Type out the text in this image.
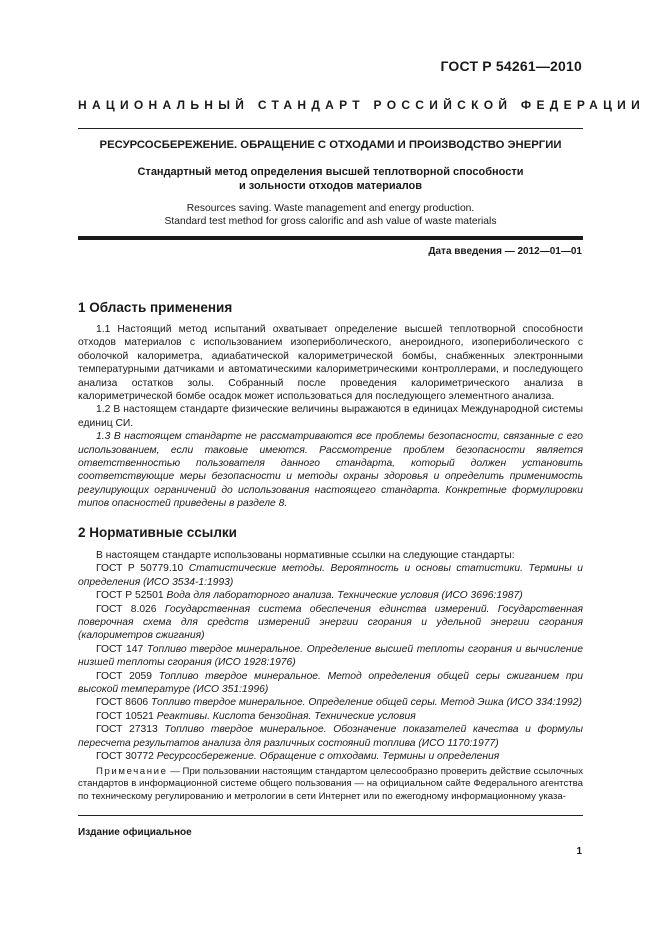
ГОСТ Р 54261—2010
НАЦИОНАЛЬНЫЙ СТАНДАРТ РОССИЙСКОЙ ФЕДЕРАЦИИ
РЕСУРСОСБЕРЕЖЕНИЕ. ОБРАЩЕНИЕ С ОТХОДАМИ И ПРОИЗВОДСТВО ЭНЕРГИИ
Стандартный метод определения высшей теплотворной способности
и зольности отходов материалов
Resources saving. Waste management and energy production.
Standard test method for gross calorific and ash value of waste materials
Дата введения — 2012—01—01
1 Область применения

1.1 Настоящий метод испытаний охватывает определение высшей теплотворной способности отходов материалов с использованием изопериболического, анероидного, изопериболического с оболочкой калориметра, адиабатической калориметрической бомбы, снабженных электронными температурными датчиками и автоматическими калориметрическими контроллерами, и последующего анализа остатков золы. Собранный после проведения калориметрического анализа в калориметрической бомбе осадок может использоваться для последующего элементного анализа.

1.2 В настоящем стандарте физические величины выражаются в единицах Международной системы единиц СИ.

1.3 В настоящем стандарте не рассматриваются все проблемы безопасности, связанные с его использованием, если таковые имеются. Рассмотрение проблем безопасности является ответственностью пользователя данного стандарта, который должен установить соответствующие меры безопасности и методы охраны здоровья и определить применимость регулирующих ограничений до использования настоящего стандарта. Конкретные формулировки типов опасностей приведены в разделе 8.

2 Нормативные ссылки

В настоящем стандарте использованы нормативные ссылки на следующие стандарты:

ГОСТ Р 50779.10 Статистические методы. Вероятность и основы статистики. Термины и определения (ИСО 3534-1:1993)

ГОСТ Р 52501 Вода для лабораторного анализа. Технические условия (ИСО 3696:1987)

ГОСТ 8.026 Государственная система обеспечения единства измерений. Государственная поверочная схема для средств измерений энергии сгорания и удельной энергии сгорания (калориметров сжигания)

ГОСТ 147 Топливо твердое минеральное. Определение высшей теплоты сгорания и вычисление низшей теплоты сгорания (ИСО 1928:1976)

ГОСТ 2059 Топливо твердое минеральное. Метод определения общей серы сжиганием при высокой температуре (ИСО 351:1996)

ГОСТ 8606 Топливо твердое минеральное. Определение общей серы. Метод Эшка (ИСО 334:1992)

ГОСТ 10521 Реактивы. Кислота бензойная. Технические условия

ГОСТ 27313 Топливо твердое минеральное. Обозначение показателей качества и формулы пересчета результатов анализа для различных состояний топлива (ИСО 1170:1977)

ГОСТ 30772 Ресурсосбережение. Обращение с отходами. Термины и определения

Примечание — При пользовании настоящим стандартом целесообразно проверить действие ссылочных стандартов в информационной системе общего пользования — на официальном сайте Федерального агентства по техническому регулированию и метрологии в сети Интернет или по ежегодному информационному указа-

Издание официальное
1
